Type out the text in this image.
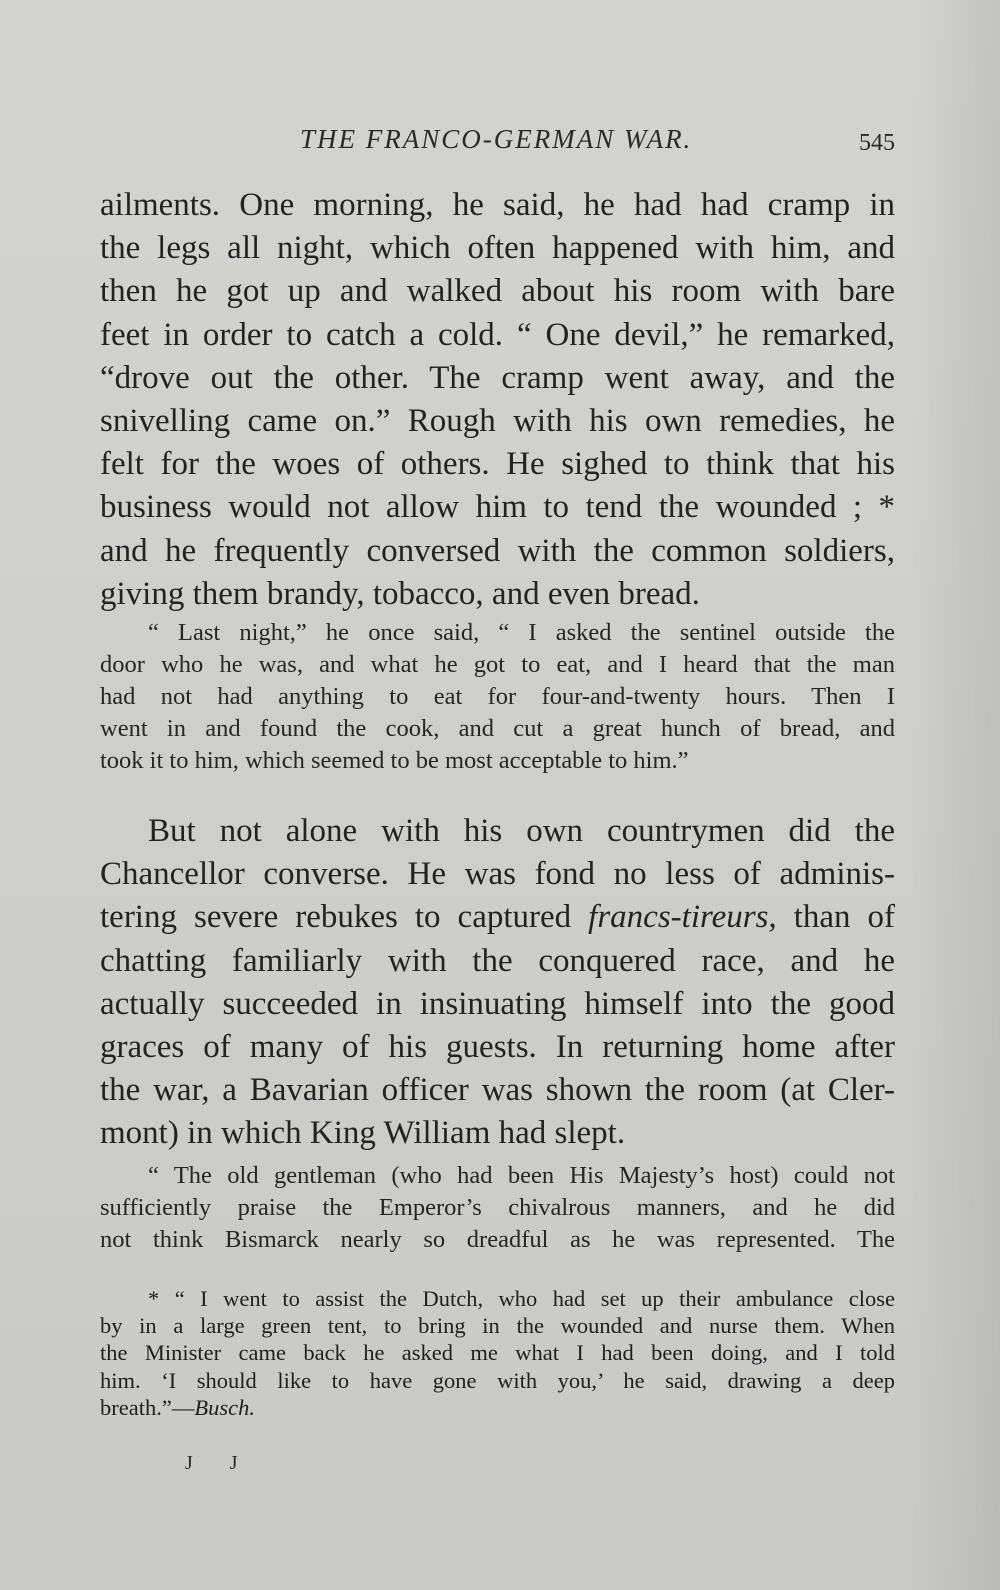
THE FRANCO-GERMAN WAR.	545
ailments. One morning, he said, he had had cramp in
the legs all night, which often happened with him, and
then he got up and walked about his room with bare
feet in order to catch a cold. “ One devil,” he remarked,
“drove out the other. The cramp went away, and the
snivelling came on.” Rough with his own remedies, he
felt for the woes of others. He sighed to think that his
business would not allow him to tend the wounded ; *
and he frequently conversed with the common soldiers,
giving them brandy, tobacco, and even bread.
“ Last night,” he once said, “ I asked the sentinel outside the
door who he was, and what he got to eat, and I heard that the man
had not had anything to eat for four-and-twenty hours. Then I
went in and found the cook, and cut a great hunch of bread, and
took it to him, which seemed to be most acceptable to him.”
But not alone with his own countrymen did the
Chancellor converse. He was fond no less of adminis-
tering severe rebukes to captured francs-tireurs, than of
chatting familiarly with the conquered race, and he
actually succeeded in insinuating himself into the good
graces of many of his guests. In returning home after
the war, a Bavarian officer was shown the room (at Cler-
mont) in which King William had slept.
“ The old gentleman (who had been His Majesty’s host) could not
sufficiently praise the Emperor’s chivalrous manners, and he did
not think Bismarck nearly so dreadful as he was represented. The
* “ I went to assist the Dutch, who had set up their ambulance close
by in a large green tent, to bring in the wounded and nurse them. When
the Minister came back he asked me what I had been doing, and I told
him. ‘I should like to have gone with you,’ he said, drawing a deep
breath.”—Busch.
J J
